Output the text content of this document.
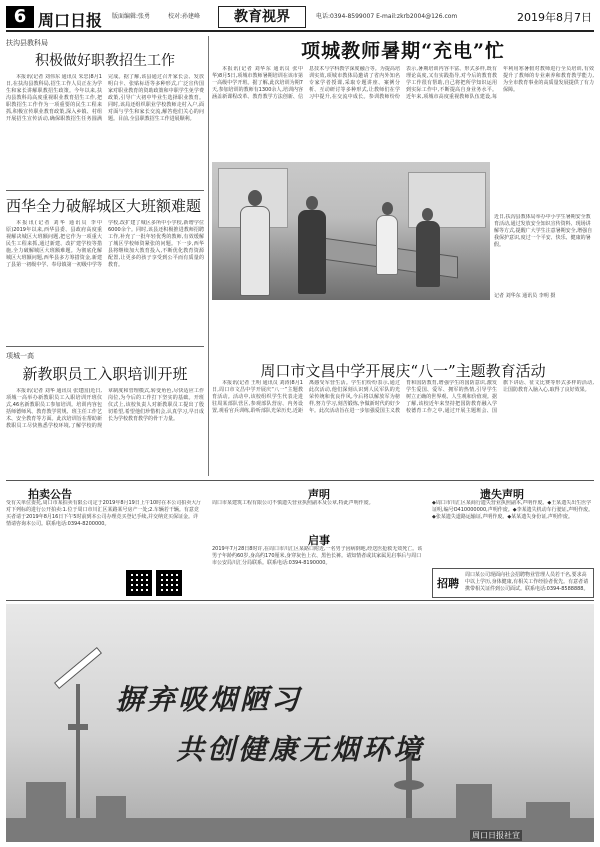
6 周口日报 版面编辑:张勇	校对:孙建峰	教育视界	电话:0394-8599007 E-mail:zkrb2004@126.com	2019年8月7日
扶沟县教科局
积极做好职教招生工作

本报讯(记者 刘伟东 通讯员 朱忠)8月1日,在扶沟县教科局,招生工作人员正在为学生和家长讲解职教招生政策。今年以来,扶沟县教科局高度重视职业教育招生工作,把职教招生工作作为一项重要的民生工程来抓,积极宣传职业教育政策,深入乡镇、村组开展招生宣传活动,确保职教招生任务圆满完成。据了解,该县通过召开家长会、发放明白卡、张贴标语等多种形式,广泛宣传国家对职业教育的资助政策和中职学生免学费政策,引导广大初中毕业生选择职业教育。同时,该局还组织职业学校教师走村入户,面对面与学生和家长交流,解答他们关心的问题。目前,全县职教招生工作进展顺利。

西华全力破解城区大班额难题

本报讯(记者 刘华 通讯员 李中原)2019年以来,西华县委、县政府高度重视解决城区大班额问题,把它作为一项重大民生工程来抓,通过新建、改扩建学校等措施,全力破解城区大班额难题。为彻底化解城区大班额问题,西华县多方筹措资金,新建了县第一初级中学、奉母镇第一初级中学等学校,改扩建了城区多所中小学校,新增学位6000余个。同时,该县还积极推进教师招聘工作,补充了一批年轻优秀的教师,有效缓解了城区学校师资紧张的问题。下一步,西华县将继续加大教育投入,不断优化教育资源配置,让更多的孩子享受到公平而有质量的教育。

项城一高
新教职员工入职培训开班

本报讯(记者 刘华 通讯员 张建国)近日,项城一高举办新教职员工入职培训开班仪式,46名新教职员工参加培训。培训内容包括师德师风、教育教学常规、班主任工作艺术、安全教育等方面。此次培训旨在帮助新教职员工尽快熟悉学校环境,了解学校的规章制度和管理模式,转变角色,尽快适应工作岗位,为今后的工作打下坚实的基础。开班仪式上,该校负责人对新教职员工提出了殷切希望,希望他们珍惜机会,认真学习,早日成长为学校教育教学的骨干力量。

项城教师暑期“充电”忙

本报讯(记者 刘华东 通讯员 张中华)8月5日,项城市教师暑期培训在该市第一高级中学开班。据了解,此次培训为期7天,参加培训的教师有1300余人,培训内容涵盖新课程改革、教育教学方法创新、信息技术与学科教学深度融合等。为提高培训实效,项城市教体局邀请了省内外知名专家学者授课,采取专题讲座、案例分析、互动研讨等多种形式,让教师们在学习中提升,在交流中成长。参训教师纷纷表示,暑期培训内容丰富、形式多样,既有理论高度,又有实践指导,对今后的教育教学工作很有帮助,自己将把所学知识运用到实际工作中,不断提高自身业务水平。近年来,项城市高度重视教师队伍建设,每年利用寒暑假对教师进行全员培训,有效提升了教师的专业素养和教育教学能力,为全市教育事业的高质量发展提供了有力保障。

近日,扶沟县教体局举办中小学生暑期安全教育活动,通过发放安全知识宣传资料、现场讲解等方式,提醒广大学生注意暑期安全,增强自我保护意识,度过一个平安、快乐、健康的暑假。
记者 刘华东 通讯员 李明 摄
周口市文昌中学开展庆“八一”主题教育活动

本报讯(记者 王明 通讯员 刘涛)8月1日,周口市文昌中学开展庆“八一”主题教育活动。活动中,该校组织学生代表走进驻周某部队营区,参观部队营房、内务设置,观看官兵训练,聆听部队光荣历史,近距离感受军营生活。学生们纷纷表示,通过此次活动,他们深刻认识到人民军队的光荣传统和优良作风,今后将以解放军为榜样,努力学习,刻苦锻炼,争做新时代的好少年。此次活动旨在进一步加强爱国主义教育和国防教育,增强学生的国防意识,激发学生爱国、爱军、拥军的热情,引导学生树立正确的世界观、人生观和价值观。据了解,该校近年来坚持把国防教育融入学校德育工作之中,通过开展主题班会、国旗下讲话、征文比赛等形式多样的活动,让国防教育入脑入心,取得了良好效果。

拍卖公告
受有关单位委托,周口市某拍卖有限公司定于2019年8月19日上午10时在本公司拍卖大厅对下列标的进行公开拍卖:1.位于周口市川汇区某路某号房产一处;2.车辆若干辆。有意竞买者请于2019年8月16日下午5时前到本公司办理竞买登记手续,并交纳竞买保证金。详情请咨询本公司。联系电话:0394-8200000。
声明
周口市某建筑工程有限公司不慎遗失营业执照副本及公章,特此声明作废。
启事
2019年7月28日8时许,在周口市川汇区某路口附近,一名男子因病倒地,经送医抢救无效死亡。该男子年龄约60岁,身高约170厘米,身穿灰色上衣、黑色长裤。请知情者或其家属见启事后与周口市公安局川汇分局联系。联系电话:0394-8190000。
遗失声明
◆周口市川汇区某商行遗失营业执照副本,声明作废。◆王某遗失出生医学证明,编号O410000000,声明作废。◆李某遗失机动车行驶证,声明作废。◆张某遗失道路运输证,声明作废。◆某某遗失身份证,声明作废。
招聘
周口某公司现面向社会招聘物业管理人员若干名,要求高中以上学历,身体健康,有相关工作经验者优先。有意者请携带相关证件到公司面试。联系电话:0394-8588888。
摒弃吸烟陋习
共创健康无烟环境
周口日报社宣
